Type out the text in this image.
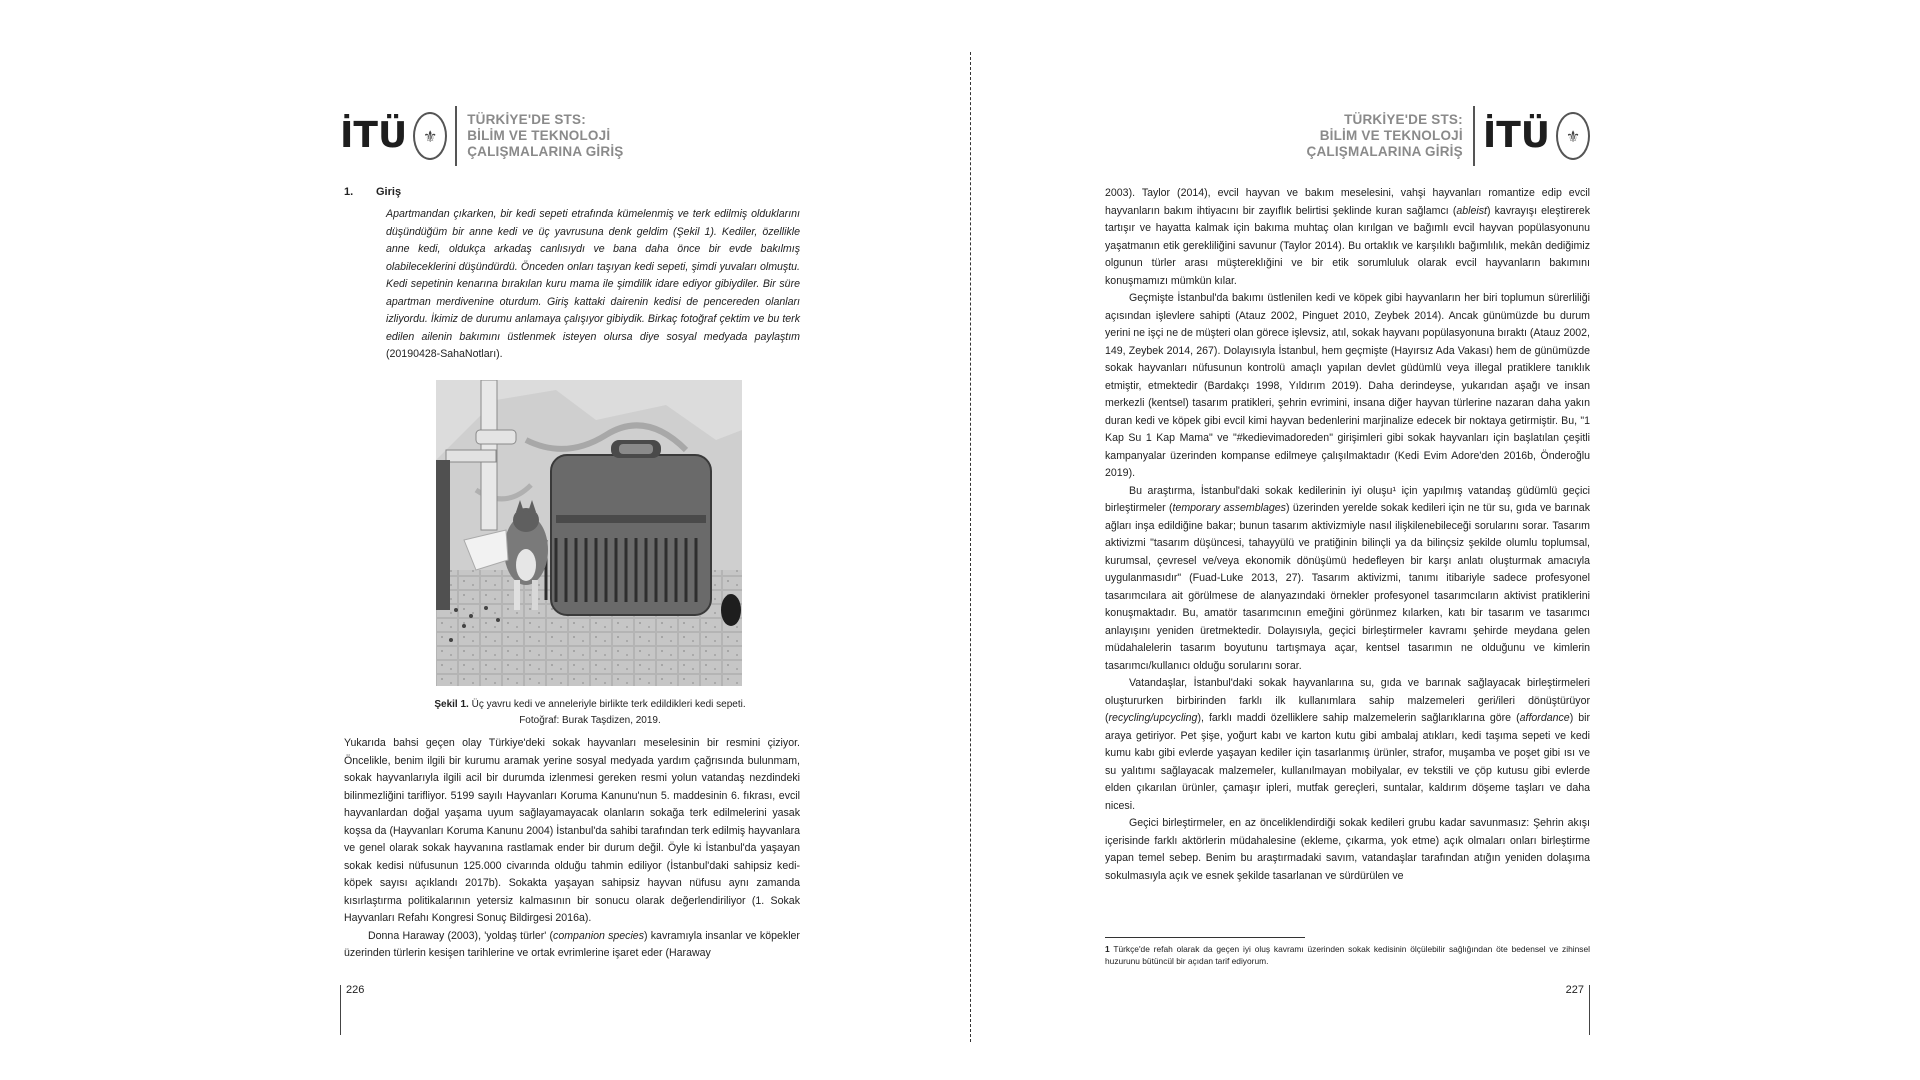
İTÜ ⚜
TÜRKİYE'DE STS:
BİLİM VE TEKNOLOJİ
ÇALIŞMALARINA GİRİŞ
1. Giriş
Apartmandan çıkarken, bir kedi sepeti etrafında kümelenmiş ve terk edilmiş olduklarını düşündüğüm bir anne kedi ve üç yavrusuna denk geldim (Şekil 1). Kediler, özellikle anne kedi, oldukça arkadaş canlısıydı ve bana daha önce bir evde bakılmış olabileceklerini düşündürdü. Önceden onları taşıyan kedi sepeti, şimdi yuvaları olmuştu. Kedi sepetinin kenarına bırakılan kuru mama ile şimdilik idare ediyor gibiydiler. Bir süre apartman merdivenine oturdum. Giriş kattaki dairenin kedisi de pencereden olanları izliyordu. İkimiz de durumu anlamaya çalışıyor gibiydik. Birkaç fotoğraf çektim ve bu terk edilen ailenin bakımını üstlenmek isteyen olursa diye sosyal medyada paylaştım (20190428-SahaNotları).
Şekil 1. Üç yavru kedi ve anneleriyle birlikte terk edildikleri kedi sepeti.
Fotoğraf: Burak Taşdizen, 2019.

Yukarıda bahsi geçen olay Türkiye'deki sokak hayvanları meselesinin bir resmini çiziyor. Öncelikle, benim ilgili bir kurumu aramak yerine sosyal medyada yardım çağrısında bulunmam, sokak hayvanlarıyla ilgili acil bir durumda izlenmesi gereken resmi yolun vatandaş nezdindeki bilinmezliğini tarifliyor. 5199 sayılı Hayvanları Koruma Kanunu'nun 5. maddesinin 6. fıkrası, evcil hayvanlardan doğal yaşama uyum sağlayamayacak olanların sokağa terk edilmelerini yasak koşsa da (Hayvanları Koruma Kanunu 2004) İstanbul'da sahibi tarafından terk edilmiş hayvanlara ve genel olarak sokak hayvanına rastlamak ender bir durum değil. Öyle ki İstanbul'da yaşayan sokak kedisi nüfusunun 125.000 civarında olduğu tahmin ediliyor (İstanbul'daki sahipsiz kedi-köpek sayısı açıklandı 2017b). Sokakta yaşayan sahipsiz hayvan nüfusu aynı zamanda kısırlaştırma politikalarının yetersiz kalmasının bir sonucu olarak değerlendiriliyor (1. Sokak Hayvanları Refahı Kongresi Sonuç Bildirgesi 2016a).

Donna Haraway (2003), 'yoldaş türler' (companion species) kavramıyla insanlar ve köpekler üzerinden türlerin kesişen tarihlerine ve ortak evrimlerine işaret eder (Haraway

226
TÜRKİYE'DE STS:
BİLİM VE TEKNOLOJİ
ÇALIŞMALARINA GİRİŞ İTÜ ⚜

2003). Taylor (2014), evcil hayvan ve bakım meselesini, vahşi hayvanları romantize edip evcil hayvanların bakım ihtiyacını bir zayıflık belirtisi şeklinde kuran sağlamcı (ableist) kavrayışı eleştirerek tartışır ve hayatta kalmak için bakıma muhtaç olan kırılgan ve bağımlı evcil hayvan popülasyonunu yaşatmanın etik gerekliliğini savunur (Taylor 2014). Bu ortaklık ve karşılıklı bağımlılık, mekân dediğimiz olgunun türler arası müştereklığini ve bir etik sorumluluk olarak evcil hayvanların bakımını konuşmamızı mümkün kılar.

Geçmişte İstanbul'da bakımı üstlenilen kedi ve köpek gibi hayvanların her biri toplumun sürerliliği açısından işlevlere sahipti (Atauz 2002, Pinguet 2010, Zeybek 2014). Ancak günümüzde bu durum yerini ne işçi ne de müşteri olan görece işlevsiz, atıl, sokak hayvanı popülasyonuna bıraktı (Atauz 2002, 149, Zeybek 2014, 267). Dolayısıyla İstanbul, hem geçmişte (Hayırsız Ada Vakası) hem de günümüzde sokak hayvanları nüfusunun kontrolü amaçlı yapılan devlet güdümlü veya illegal pratiklere tanıklık etmiştir, etmektedir (Bardakçı 1998, Yıldırım 2019). Daha derindeyse, yukarıdan aşağı ve insan merkezli (kentsel) tasarım pratikleri, şehrin evrimini, insana diğer hayvan türlerine nazaran daha yakın duran kedi ve köpek gibi evcil kimi hayvan bedenlerini marjinalize edecek bir noktaya getirmiştir. Bu, "1 Kap Su 1 Kap Mama" ve "#kedievimadoreden" girişimleri gibi sokak hayvanları için başlatılan çeşitli kampanyalar üzerinden kompanse edilmeye çalışılmaktadır (Kedi Evim Adore'den 2016b, Önderoğlu 2019).

Bu araştırma, İstanbul'daki sokak kedilerinin iyi oluşu¹ için yapılmış vatandaş güdümlü geçici birleştirmeler (temporary assemblages) üzerinden yerelde sokak kedileri için ne tür su, gıda ve barınak ağları inşa edildiğine bakar; bunun tasarım aktivizmiyle nasıl ilişkilenebileceği sorularını sorar. Tasarım aktivizmi "tasarım düşüncesi, tahayyülü ve pratiğinin bilinçli ya da bilinçsiz şekilde olumlu toplumsal, kurumsal, çevresel ve/veya ekonomik dönüşümü hedefleyen bir karşı anlatı oluşturmak amacıyla uygulanmasıdır" (Fuad-Luke 2013, 27). Tasarım aktivizmi, tanımı itibariyle sadece profesyonel tasarımcılara ait görülmese de alanyazındaki örnekler profesyonel tasarımcıların aktivist pratiklerini konuşmaktadır. Bu, amatör tasarımcının emeğini görünmez kılarken, katı bir tasarım ve tasarımcı anlayışını yeniden üretmektedir. Dolayısıyla, geçici birleştirmeler kavramı şehirde meydana gelen müdahalelerin tasarım boyutunu tartışmaya açar, kentsel tasarımın ne olduğunu ve kimlerin tasarımcı/kullanıcı olduğu sorularını sorar.

Vatandaşlar, İstanbul'daki sokak hayvanlarına su, gıda ve barınak sağlayacak birleştirmeleri oluştururken birbirinden farklı ilk kullanımlara sahip malzemeleri geri/ileri dönüştürüyor (recycling/upcycling), farklı maddi özelliklere sahip malzemelerin sağlarıklarına göre (affordance) bir araya getiriyor. Pet şişe, yoğurt kabı ve karton kutu gibi ambalaj atıkları, kedi taşıma sepeti ve kedi kumu kabı gibi evlerde yaşayan kediler için tasarlanmış ürünler, strafor, muşamba ve poşet gibi ısı ve su yalıtımı sağlayacak malzemeler, kullanılmayan mobilyalar, ev tekstili ve çöp kutusu gibi evlerde elden çıkarılan ürünler, çamaşır ipleri, mutfak gereçleri, suntalar, kaldırım döşeme taşları ve daha nicesi.

Geçici birleştirmeler, en az önceliklendirdiği sokak kedileri grubu kadar savunmasız: Şehrin akışı içerisinde farklı aktörlerin müdahalesine (ekleme, çıkarma, yok etme) açık olmaları onları birleştirme yapan temel sebep. Benim bu araştırmadaki savım, vatandaşlar tarafından atığın yeniden dolaşıma sokulmasıyla açık ve esnek şekilde tasarlanan ve sürdürülen ve

1 Türkçe'de refah olarak da geçen iyi oluş kavramı üzerinden sokak kedisinin ölçülebilir sağlığından öte bedensel ve zihinsel huzurunu bütüncül bir açıdan tarif ediyorum.
227
